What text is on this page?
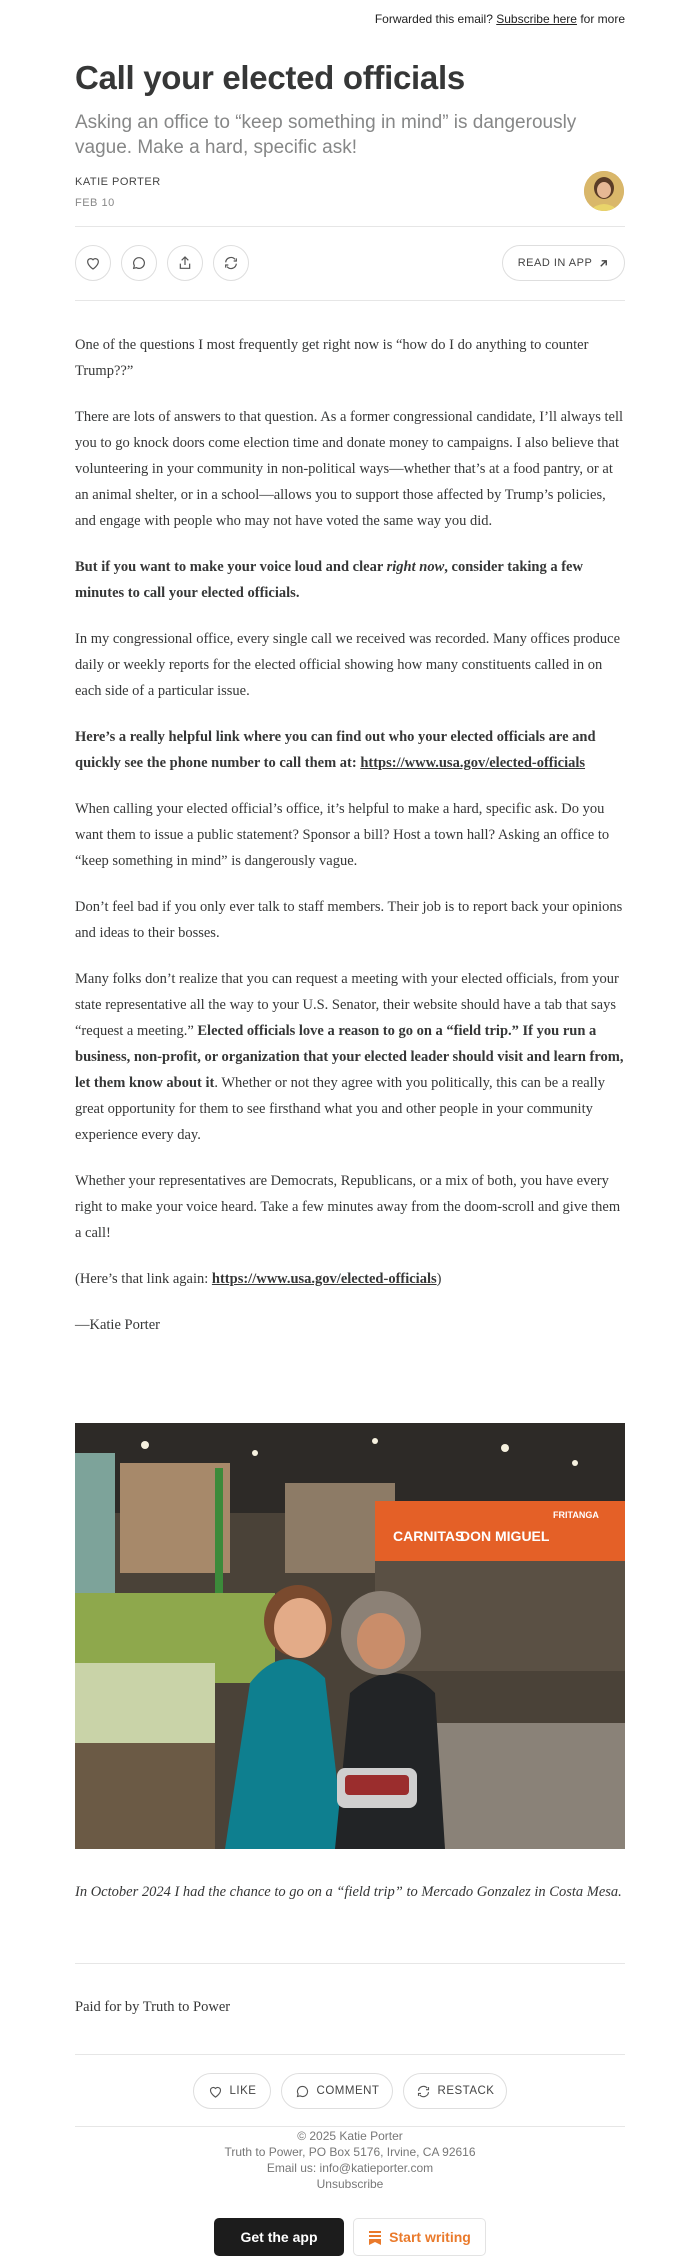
Forwarded this email? Subscribe here for more
Call your elected officials
Asking an office to “keep something in mind” is dangerously vague. Make a hard, specific ask!
KATIE PORTER
FEB 10
READ IN APP

One of the questions I most frequently get right now is “how do I do anything to counter Trump??”

There are lots of answers to that question. As a former congressional candidate, I’ll always tell you to go knock doors come election time and donate money to campaigns. I also believe that volunteering in your community in non-political ways—whether that’s at a food pantry, or at an animal shelter, or in a school—allows you to support those affected by Trump’s policies, and engage with people who may not have voted the same way you did.

But if you want to make your voice loud and clear right now, consider taking a few minutes to call your elected officials.

In my congressional office, every single call we received was recorded. Many offices produce daily or weekly reports for the elected official showing how many constituents called in on each side of a particular issue.

Here’s a really helpful link where you can find out who your elected officials are and quickly see the phone number to call them at: https://www.usa.gov/elected-officials

When calling your elected official’s office, it’s helpful to make a hard, specific ask. Do you want them to issue a public statement? Sponsor a bill? Host a town hall? Asking an office to “keep something in mind” is dangerously vague.

Don’t feel bad if you only ever talk to staff members. Their job is to report back your opinions and ideas to their bosses.

Many folks don’t realize that you can request a meeting with your elected officials, from your state representative all the way to your U.S. Senator, their website should have a tab that says “request a meeting.” Elected officials love a reason to go on a “field trip.” If you run a business, non-profit, or organization that your elected leader should visit and learn from, let them know about it. Whether or not they agree with you politically, this can be a really great opportunity for them to see firsthand what you and other people in your community experience every day.

Whether your representatives are Democrats, Republicans, or a mix of both, you have every right to make your voice heard. Take a few minutes away from the doom-scroll and give them a call!

(Here’s that link again: https://www.usa.gov/elected-officials)

—Katie Porter

CARNITAS
DON MIGUEL
FRITANGA
In October 2024 I had the chance to go on a “field trip” to Mercado Gonzalez in Costa Mesa.
Paid for by Truth to Power
LIKE	COMMENT	RESTACK
© 2025 Katie Porter
Truth to Power, PO Box 5176, Irvine, CA 92616
Email us: info@katieporter.com
Unsubscribe
Get the app	Start writing
